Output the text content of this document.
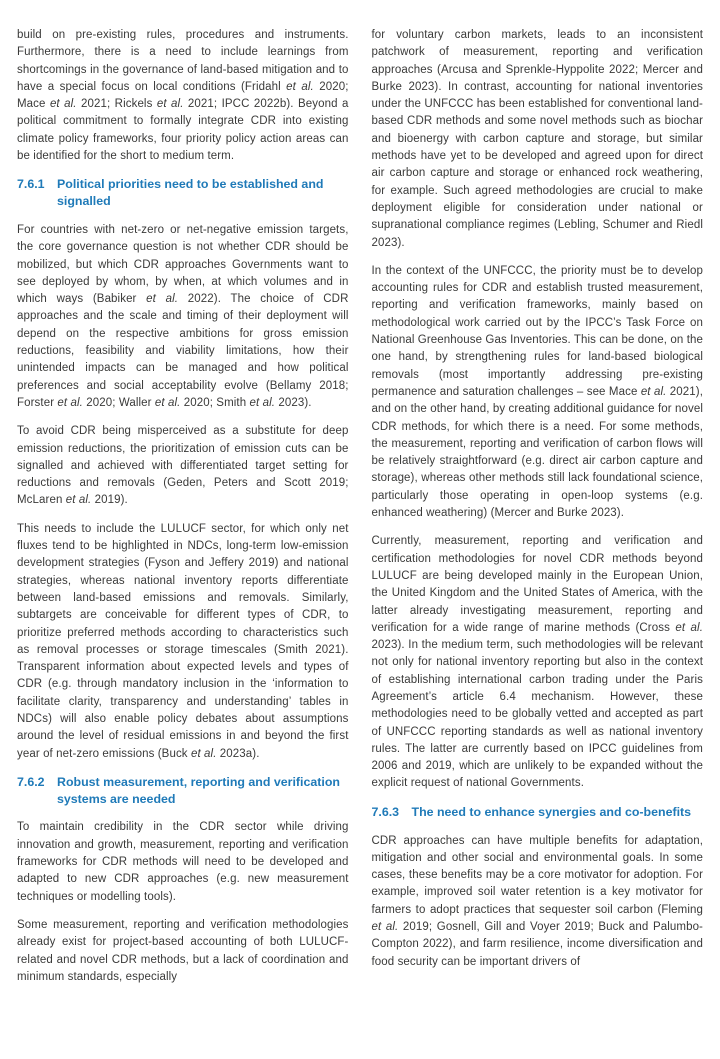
build on pre-existing rules, procedures and instruments. Furthermore, there is a need to include learnings from shortcomings in the governance of land-based mitigation and to have a special focus on local conditions (Fridahl et al. 2020; Mace et al. 2021; Rickels et al. 2021; IPCC 2022b). Beyond a political commitment to formally integrate CDR into existing climate policy frameworks, four priority policy action areas can be identified for the short to medium term.

7.6.1	Political priorities need to be established and signalled

For countries with net-zero or net-negative emission targets, the core governance question is not whether CDR should be mobilized, but which CDR approaches Governments want to see deployed by whom, by when, at which volumes and in which ways (Babiker et al. 2022). The choice of CDR approaches and the scale and timing of their deployment will depend on the respective ambitions for gross emission reductions, feasibility and viability limitations, how their unintended impacts can be managed and how political preferences and social acceptability evolve (Bellamy 2018; Forster et al. 2020; Waller et al. 2020; Smith et al. 2023).

To avoid CDR being misperceived as a substitute for deep emission reductions, the prioritization of emission cuts can be signalled and achieved with differentiated target setting for reductions and removals (Geden, Peters and Scott 2019; McLaren et al. 2019).

This needs to include the LULUCF sector, for which only net fluxes tend to be highlighted in NDCs, long-term low-emission development strategies (Fyson and Jeffery 2019) and national strategies, whereas national inventory reports differentiate between land-based emissions and removals. Similarly, subtargets are conceivable for different types of CDR, to prioritize preferred methods according to characteristics such as removal processes or storage timescales (Smith 2021). Transparent information about expected levels and types of CDR (e.g. through mandatory inclusion in the ‘information to facilitate clarity, transparency and understanding’ tables in NDCs) will also enable policy debates about assumptions around the level of residual emissions in and beyond the first year of net-zero emissions (Buck et al. 2023a).

7.6.2	Robust measurement, reporting and verification systems are needed

To maintain credibility in the CDR sector while driving innovation and growth, measurement, reporting and verification frameworks for CDR methods will need to be developed and adapted to new CDR approaches (e.g. new measurement techniques or modelling tools).

Some measurement, reporting and verification methodologies already exist for project-based accounting of both LULUCF-related and novel CDR methods, but a lack of coordination and minimum standards, especially

for voluntary carbon markets, leads to an inconsistent patchwork of measurement, reporting and verification approaches (Arcusa and Sprenkle-Hyppolite 2022; Mercer and Burke 2023). In contrast, accounting for national inventories under the UNFCCC has been established for conventional land-based CDR methods and some novel methods such as biochar and bioenergy with carbon capture and storage, but similar methods have yet to be developed and agreed upon for direct air carbon capture and storage or enhanced rock weathering, for example. Such agreed methodologies are crucial to make deployment eligible for consideration under national or supranational compliance regimes (Lebling, Schumer and Riedl 2023).

In the context of the UNFCCC, the priority must be to develop accounting rules for CDR and establish trusted measurement, reporting and verification frameworks, mainly based on methodological work carried out by the IPCC’s Task Force on National Greenhouse Gas Inventories. This can be done, on the one hand, by strengthening rules for land-based biological removals (most importantly addressing pre-existing permanence and saturation challenges – see Mace et al. 2021), and on the other hand, by creating additional guidance for novel CDR methods, for which there is a need. For some methods, the measurement, reporting and verification of carbon flows will be relatively straightforward (e.g. direct air carbon capture and storage), whereas other methods still lack foundational science, particularly those operating in open-loop systems (e.g. enhanced weathering) (Mercer and Burke 2023).

Currently, measurement, reporting and verification and certification methodologies for novel CDR methods beyond LULUCF are being developed mainly in the European Union, the United Kingdom and the United States of America, with the latter already investigating measurement, reporting and verification for a wide range of marine methods (Cross et al. 2023). In the medium term, such methodologies will be relevant not only for national inventory reporting but also in the context of establishing international carbon trading under the Paris Agreement’s article 6.4 mechanism. However, these methodologies need to be globally vetted and accepted as part of UNFCCC reporting standards as well as national inventory rules. The latter are currently based on IPCC guidelines from 2006 and 2019, which are unlikely to be expanded without the explicit request of national Governments.

7.6.3	The need to enhance synergies and co-benefits

CDR approaches can have multiple benefits for adaptation, mitigation and other social and environmental goals. In some cases, these benefits may be a core motivator for adoption. For example, improved soil water retention is a key motivator for farmers to adopt practices that sequester soil carbon (Fleming et al. 2019; Gosnell, Gill and Voyer 2019; Buck and Palumbo-Compton 2022), and farm resilience, income diversification and food security can be important drivers of
